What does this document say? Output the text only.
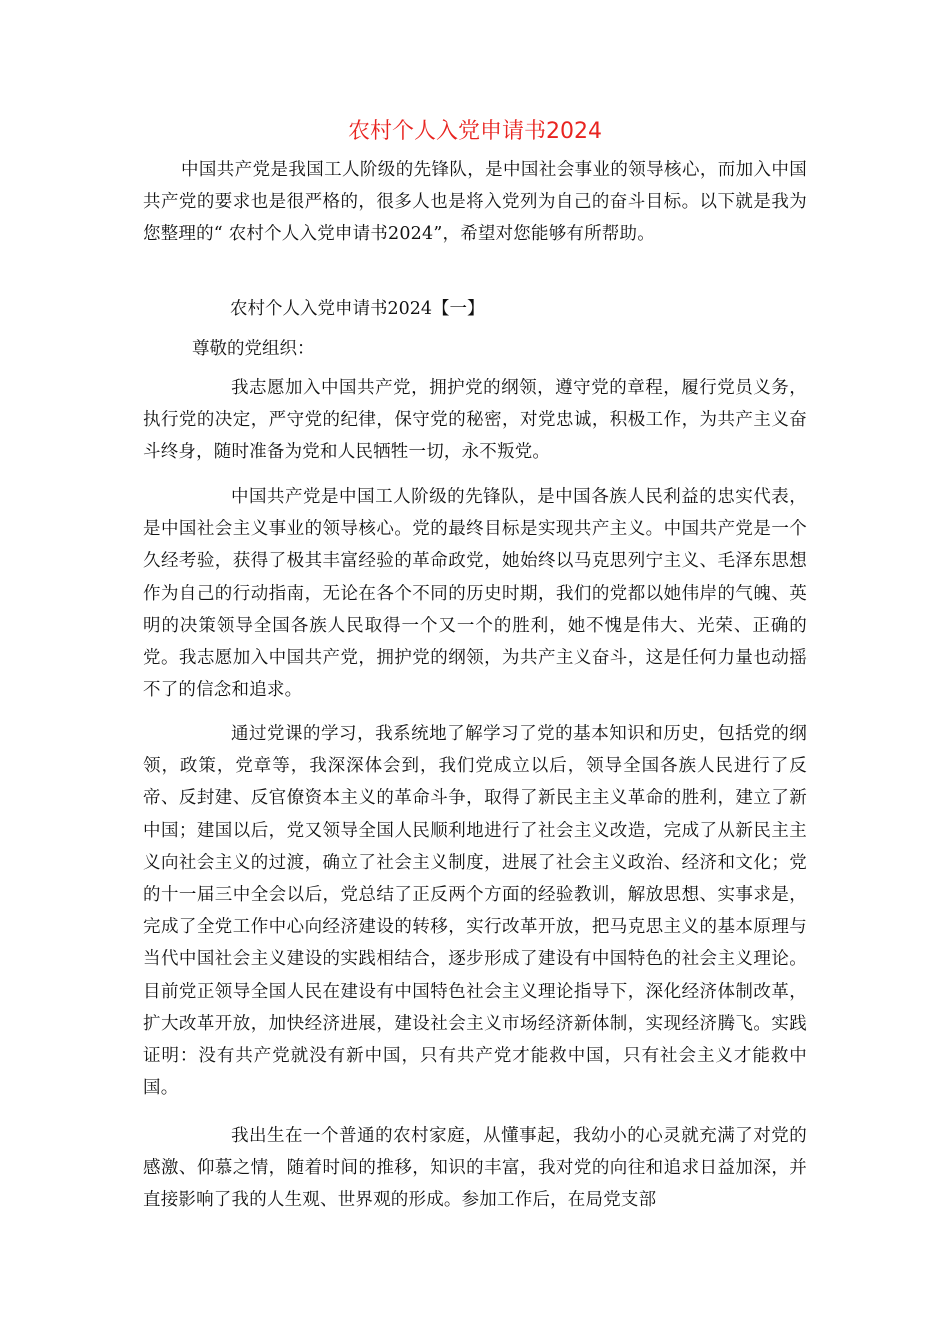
农村个人入党申请书2024

中国共产党是我国工人阶级的先锋队，是中国社会事业的领导核心，而加入中国共产党的要求也是很严格的，很多人也是将入党列为自己的奋斗目标。以下就是我为您整理的“ 农村个人入党申请书2024”，希望对您能够有所帮助。

农村个人入党申请书2024【一】

尊敬的党组织：

我志愿加入中国共产党，拥护党的纲领，遵守党的章程，履行党员义务，执行党的决定，严守党的纪律，保守党的秘密，对党忠诚，积极工作，为共产主义奋斗终身，随时准备为党和人民牺牲一切，永不叛党。

中国共产党是中国工人阶级的先锋队，是中国各族人民利益的忠实代表，是中国社会主义事业的领导核心。党的最终目标是实现共产主义。中国共产党是一个久经考验，获得了极其丰富经验的革命政党，她始终以马克思列宁主义、毛泽东思想作为自己的行动指南，无论在各个不同的历史时期，我们的党都以她伟岸的气魄、英明的决策领导全国各族人民取得一个又一个的胜利，她不愧是伟大、光荣、正确的党。我志愿加入中国共产党，拥护党的纲领，为共产主义奋斗，这是任何力量也动摇不了的信念和追求。

通过党课的学习，我系统地了解学习了党的基本知识和历史，包括党的纲领，政策，党章等，我深深体会到，我们党成立以后，领导全国各族人民进行了反帝、反封建、反官僚资本主义的革命斗争，取得了新民主主义革命的胜利，建立了新中国；建国以后，党又领导全国人民顺利地进行了社会主义改造，完成了从新民主主义向社会主义的过渡，确立了社会主义制度，进展了社会主义政治、经济和文化；党的十一届三中全会以后，党总结了正反两个方面的经验教训，解放思想、实事求是，完成了全党工作中心向经济建设的转移，实行改革开放，把马克思主义的基本原理与当代中国社会主义建设的实践相结合，逐步形成了建设有中国特色的社会主义理论。目前党正领导全国人民在建设有中国特色社会主义理论指导下，深化经济体制改革，扩大改革开放，加快经济进展，建设社会主义市场经济新体制，实现经济腾飞。实践证明：没有共产党就没有新中国，只有共产党才能救中国，只有社会主义才能救中国。

我出生在一个普通的农村家庭，从懂事起，我幼小的心灵就充满了对党的感激、仰慕之情，随着时间的推移，知识的丰富，我对党的向往和追求日益加深，并直接影响了我的人生观、世界观的形成。参加工作后，在局党支部
